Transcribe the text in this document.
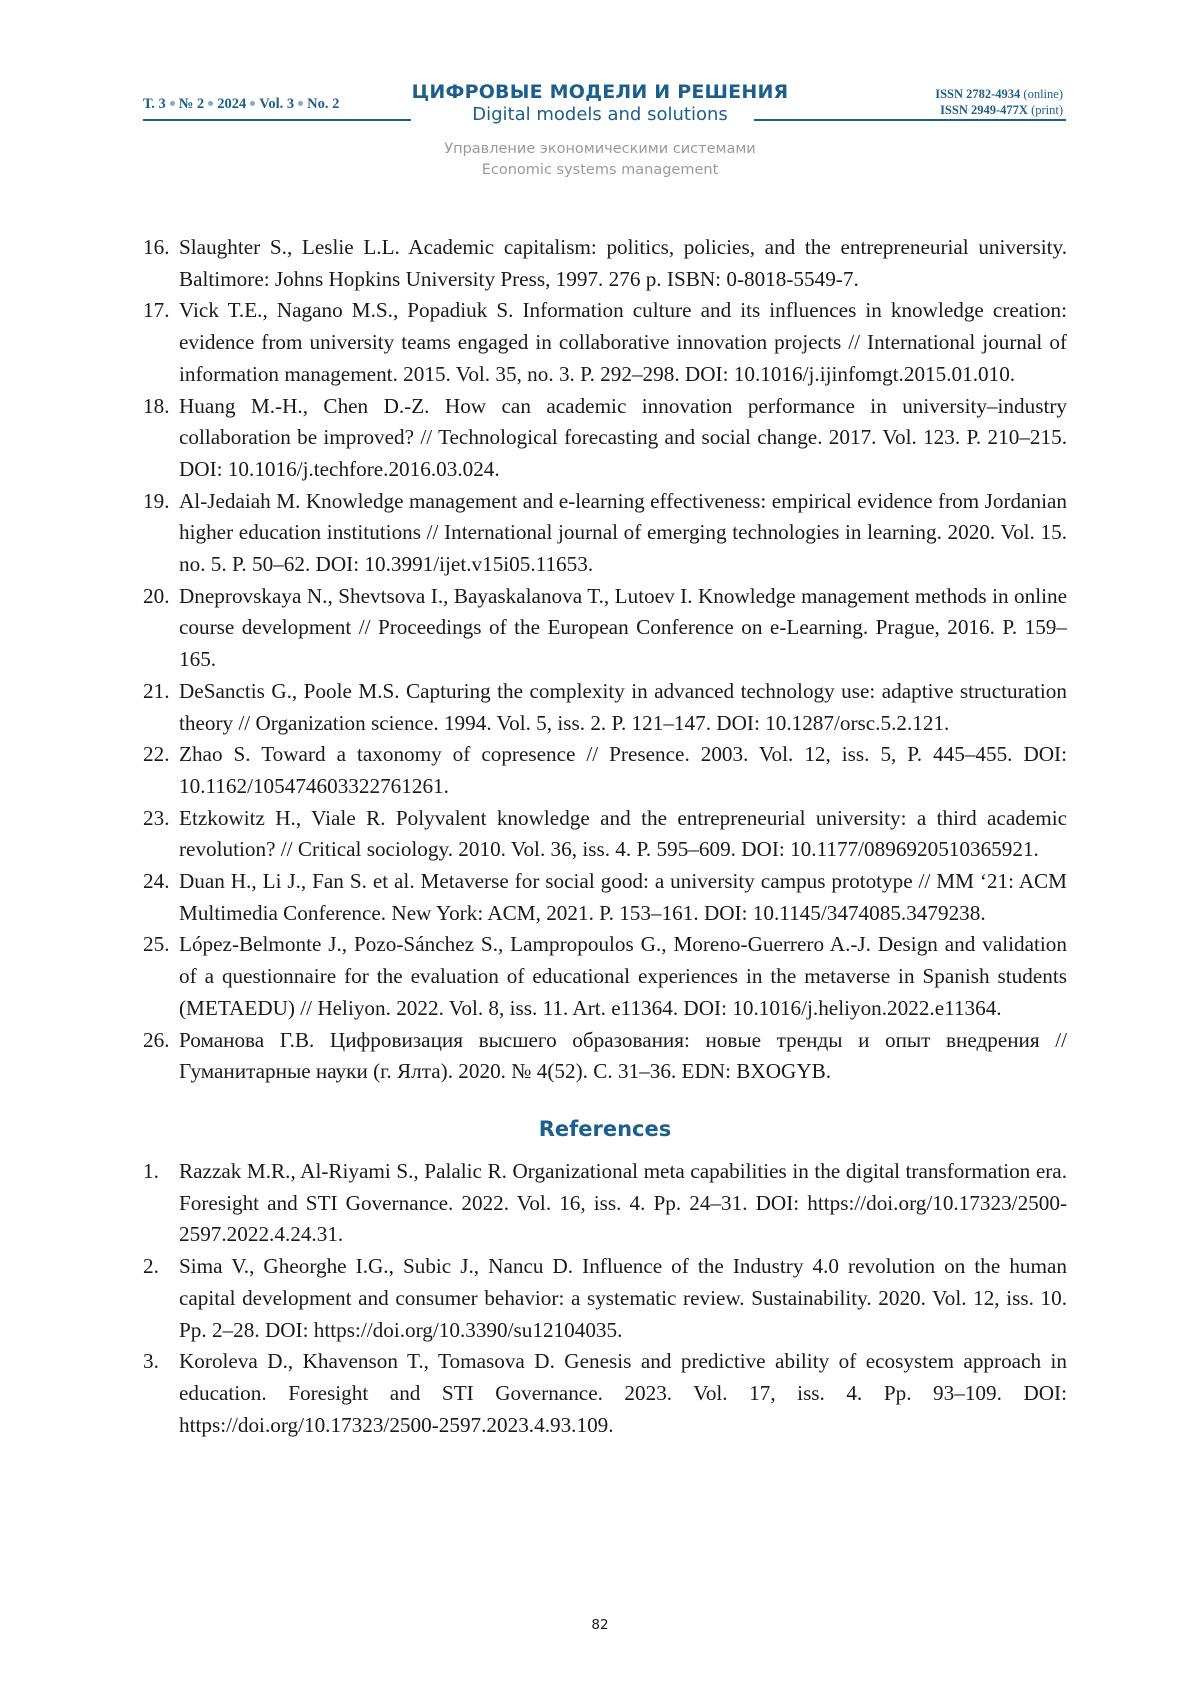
Т. 3 № 2 2024 Vol. 3 No. 2
ЦИФРОВЫЕ МОДЕЛИ И РЕШЕНИЯ
Digital models and solutions
ISSN 2782-4934 (online)
ISSN 2949-477X (print)
Управление экономическими системами
Economic systems management
16. Slaughter S., Leslie L.L. Academic capitalism: politics, policies, and the entrepreneurial university. Baltimore: Johns Hopkins University Press, 1997. 276 p. ISBN: 0-8018-5549-7.
17. Vick T.E., Nagano M.S., Popadiuk S. Information culture and its influences in knowledge creation: evidence from university teams engaged in collaborative innovation projects // International journal of information management. 2015. Vol. 35, no. 3. P. 292–298. DOI: 10.1016/j.ijinfomgt.2015.01.010.
18. Huang M.-H., Chen D.-Z. How can academic innovation performance in university–industry collaboration be improved? // Technological forecasting and social change. 2017. Vol. 123. P. 210–215. DOI: 10.1016/j.techfore.2016.03.024.
19. Al-Jedaiah M. Knowledge management and e-learning effectiveness: empirical evidence from Jordanian higher education institutions // International journal of emerging technologies in learning. 2020. Vol. 15. no. 5. P. 50–62. DOI: 10.3991/ijet.v15i05.11653.
20. Dneprovskaya N., Shevtsova I., Bayaskalanova T., Lutoev I. Knowledge management methods in online course development // Proceedings of the European Conference on e-Learning. Prague, 2016. P. 159–165.
21. DeSanctis G., Poole M.S. Capturing the complexity in advanced technology use: adaptive structuration theory // Organization science. 1994. Vol. 5, iss. 2. P. 121–147. DOI: 10.1287/orsc.5.2.121.
22. Zhao S. Toward a taxonomy of copresence // Presence. 2003. Vol. 12, iss. 5, P. 445–455. DOI: 10.1162/105474603322761261.
23. Etzkowitz H., Viale R. Polyvalent knowledge and the entrepreneurial university: a third academic revolution? // Critical sociology. 2010. Vol. 36, iss. 4. P. 595–609. DOI: 10.1177/0896920510365921.
24. Duan H., Li J., Fan S. et al. Metaverse for social good: a university campus prototype // MM ‘21: ACM Multimedia Conference. New York: ACM, 2021. P. 153–161. DOI: 10.1145/3474085.3479238.
25. López-Belmonte J., Pozo-Sánchez S., Lampropoulos G., Moreno-Guerrero A.-J. Design and validation of a questionnaire for the evaluation of educational experiences in the metaverse in Spanish students (METAEDU) // Heliyon. 2022. Vol. 8, iss. 11. Art. e11364. DOI: 10.1016/j.heliyon.2022.e11364.
26. Романова Г.В. Цифровизация высшего образования: новые тренды и опыт внедрения // Гуманитарные науки (г. Ялта). 2020. № 4(52). С. 31–36. EDN: BXOGYB.
References
1. Razzak M.R., Al-Riyami S., Palalic R. Organizational meta capabilities in the digital transformation era. Foresight and STI Governance. 2022. Vol. 16, iss. 4. Pp. 24–31. DOI: https://doi.org/10.17323/2500-2597.2022.4.24.31.
2. Sima V., Gheorghe I.G., Subic J., Nancu D. Influence of the Industry 4.0 revolution on the human capital development and consumer behavior: a systematic review. Sustainability. 2020. Vol. 12, iss. 10. Pp. 2–28. DOI: https://doi.org/10.3390/su12104035.
3. Koroleva D., Khavenson T., Tomasova D. Genesis and predictive ability of ecosystem approach in education. Foresight and STI Governance. 2023. Vol. 17, iss. 4. Pp. 93–109. DOI: https://doi.org/10.17323/2500-2597.2023.4.93.109.
82
